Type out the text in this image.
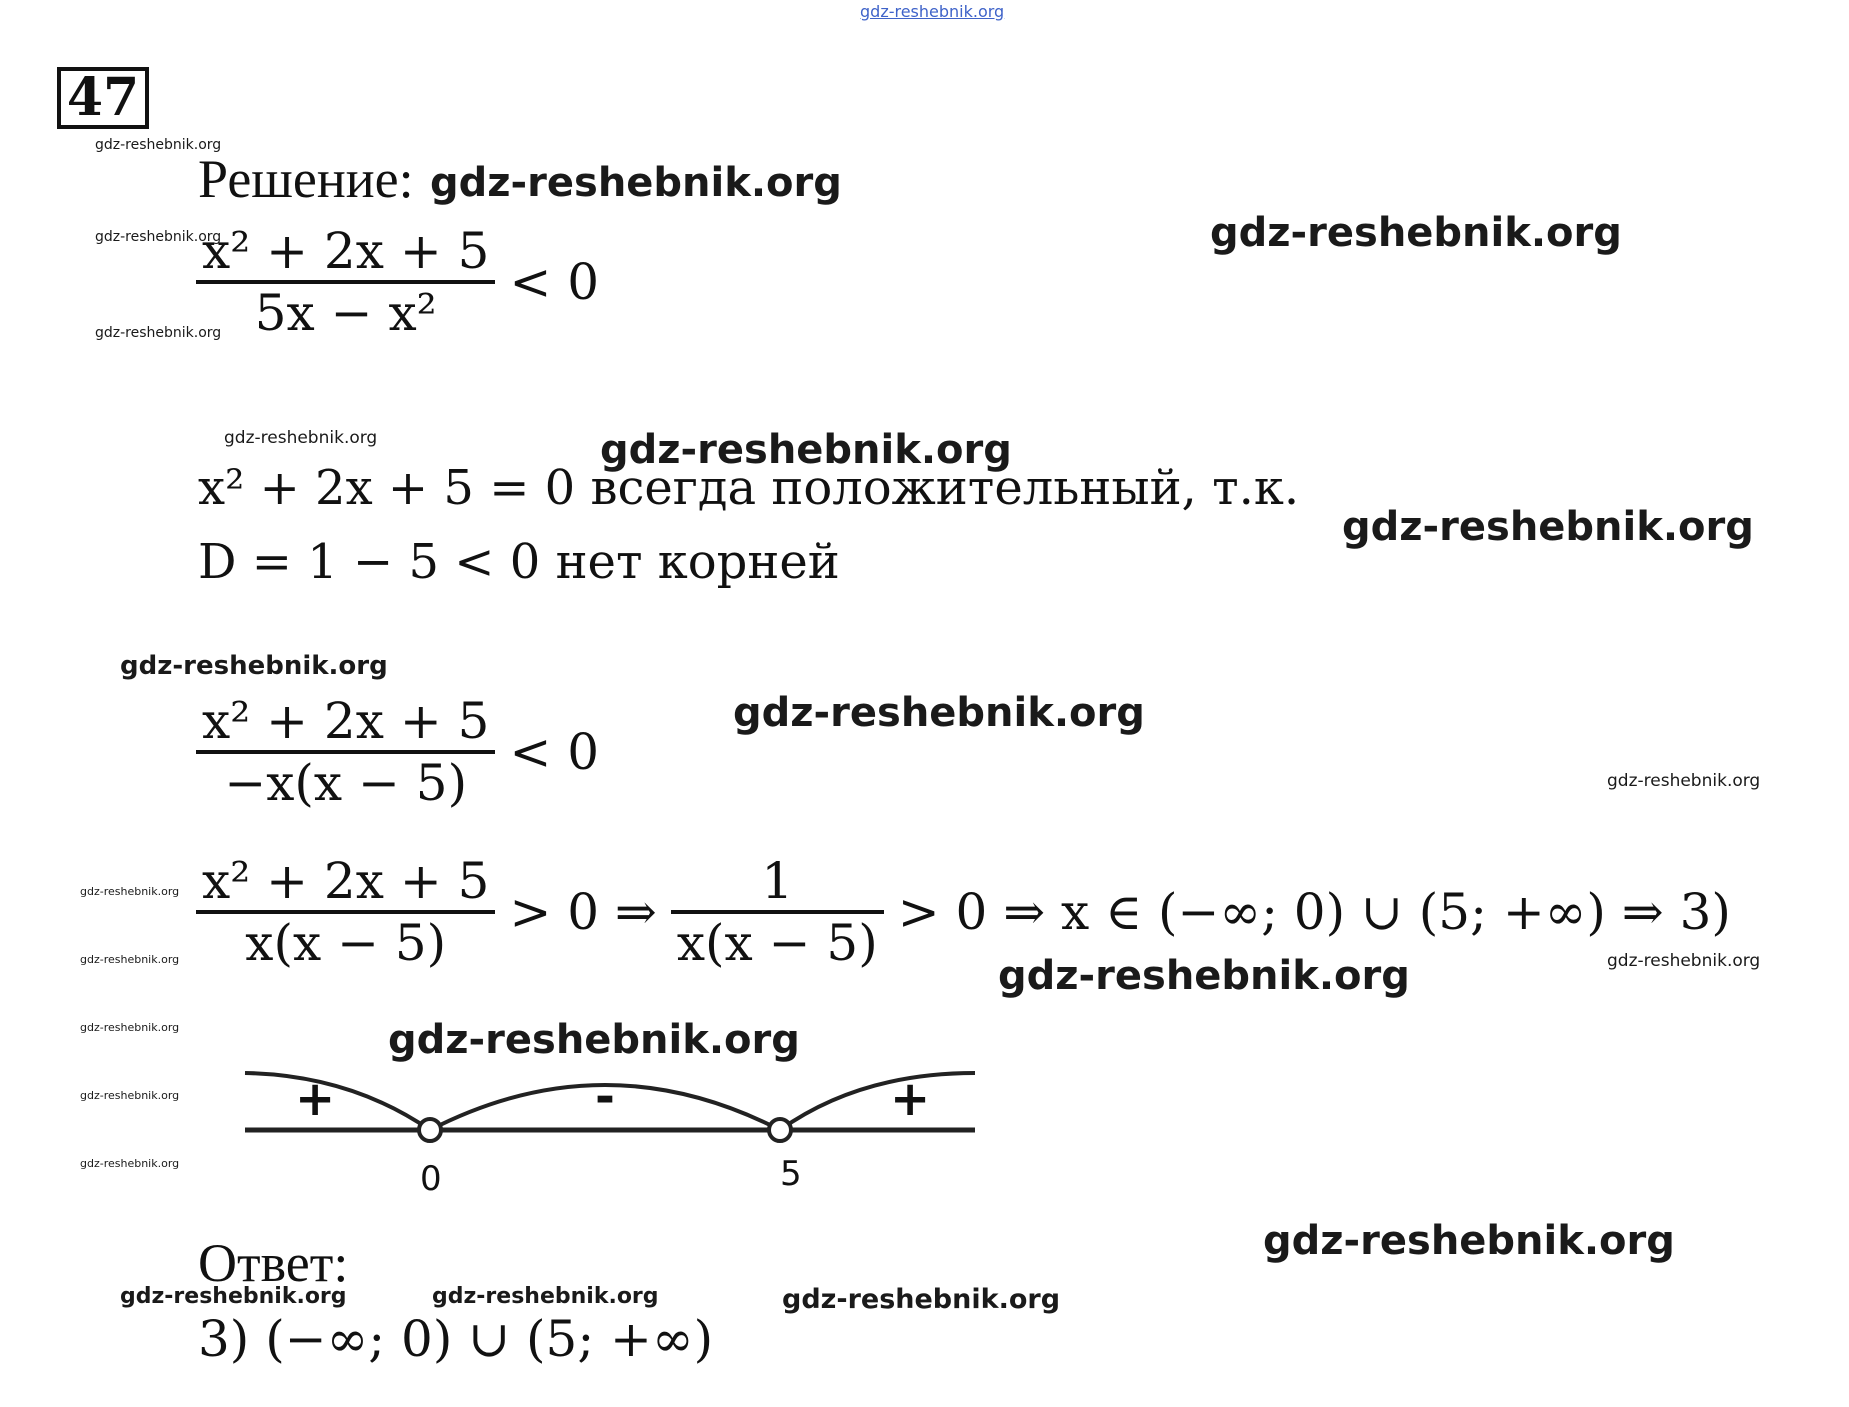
gdz-reshebnik.org
47
Решение:
$\frac{\text{x² + 2x + 5}}{\text{5x − x²}} < 0$
x² + 2x + 5 = 0 всегда положительный, т.к.
D = 1 − 5 < 0 нет корней
$\frac{\text{x² + 2x + 5}}{-x(x - 5)} < 0$
$\frac{\text{x² + 2x + 5}}{x(x - 5)} > 0$ ⇒ $\frac{1}{x(x - 5)} > 0$ ⇒ x ∈ (−∞; 0) ∪ (5; +∞) ⇒ 3)
+	-	+
0	5
Ответ:
3) (−∞; 0) ∪ (5; +∞)
gdz-reshebnik.org
gdz-reshebnik.org
gdz-reshebnik.org
gdz-reshebnik.org
gdz-reshebnik.org
gdz-reshebnik.org	gdz-reshebnik.org
gdz-reshebnik.org
gdz-reshebnik.org
gdz-reshebnik.org
gdz-reshebnik.org
gdz-reshebnik.org
gdz-reshebnik.org
gdz-reshebnik.org
gdz-reshebnik.org
gdz-reshebnik.org
gdz-reshebnik.org
gdz-reshebnik.org
gdz-reshebnik.org
gdz-reshebnik.org
gdz-reshebnik.org	gdz-reshebnik.org	gdz-reshebnik.org
